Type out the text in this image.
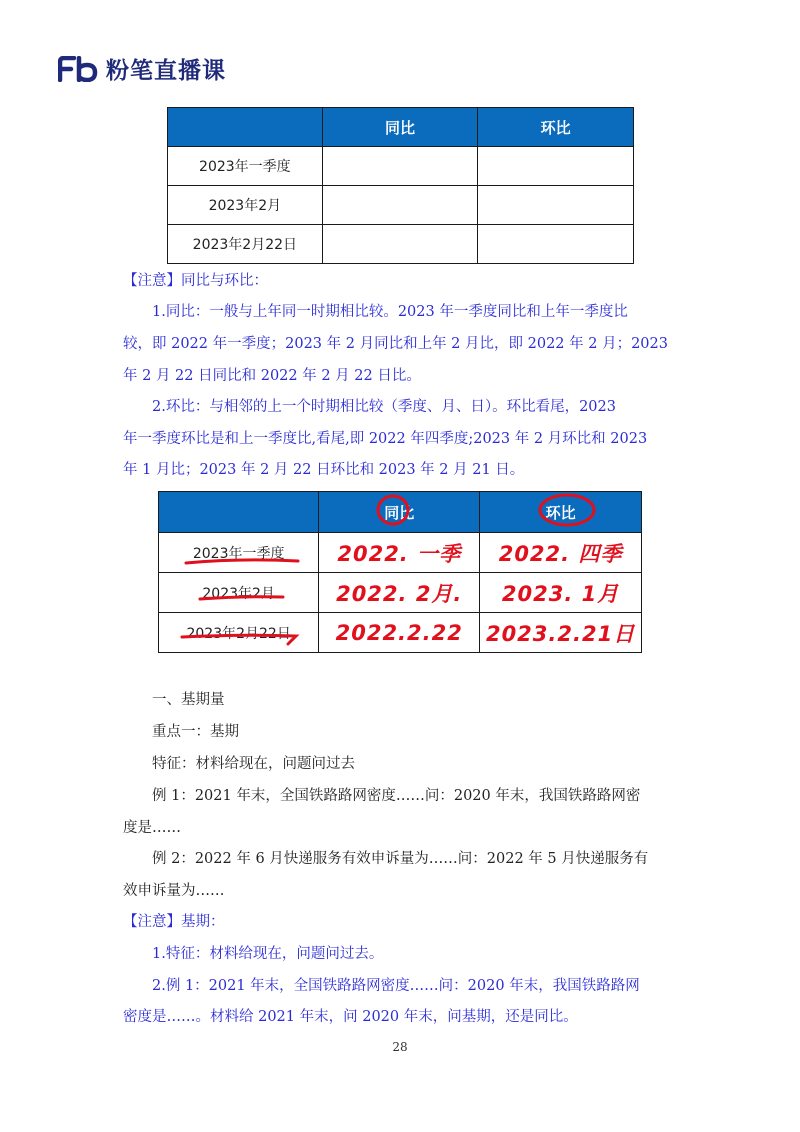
粉笔直播课
	同比	环比
2023年一季度		
2023年2月		
2023年2月22日		

【注意】同比与环比：

1.同比：一般与上年同一时期相比较。2023 年一季度同比和上年一季度比

较，即 2022 年一季度；2023 年 2 月同比和上年 2 月比，即 2022 年 2 月；2023

年 2 月 22 日同比和 2022 年 2 月 22 日比。

2.环比：与相邻的上一个时期相比较（季度、月、日）。环比看尾，2023

年一季度环比是和上一季度比,看尾,即 2022 年四季度;2023 年 2 月环比和 2023

年 1 月比；2023 年 2 月 22 日环比和 2023 年 2 月 21 日。

	同比	环比
2023年一季度	2022. 一季	2022. 四季
2023年2月	2022. 2月.	2023. 1月
2023年2月22日	2022.2.22	2023.2.21日

一、基期量

重点一：基期

特征：材料给现在，问题问过去

例 1：2021 年末，全国铁路路网密度……问：2020 年末，我国铁路路网密

度是……

例 2：2022 年 6 月快递服务有效申诉量为……问：2022 年 5 月快递服务有

效申诉量为……

【注意】基期：

1.特征：材料给现在，问题问过去。

2.例 1：2021 年末，全国铁路路网密度……问：2020 年末，我国铁路路网

密度是……。材料给 2021 年末，问 2020 年末，问基期，还是同比。

28
